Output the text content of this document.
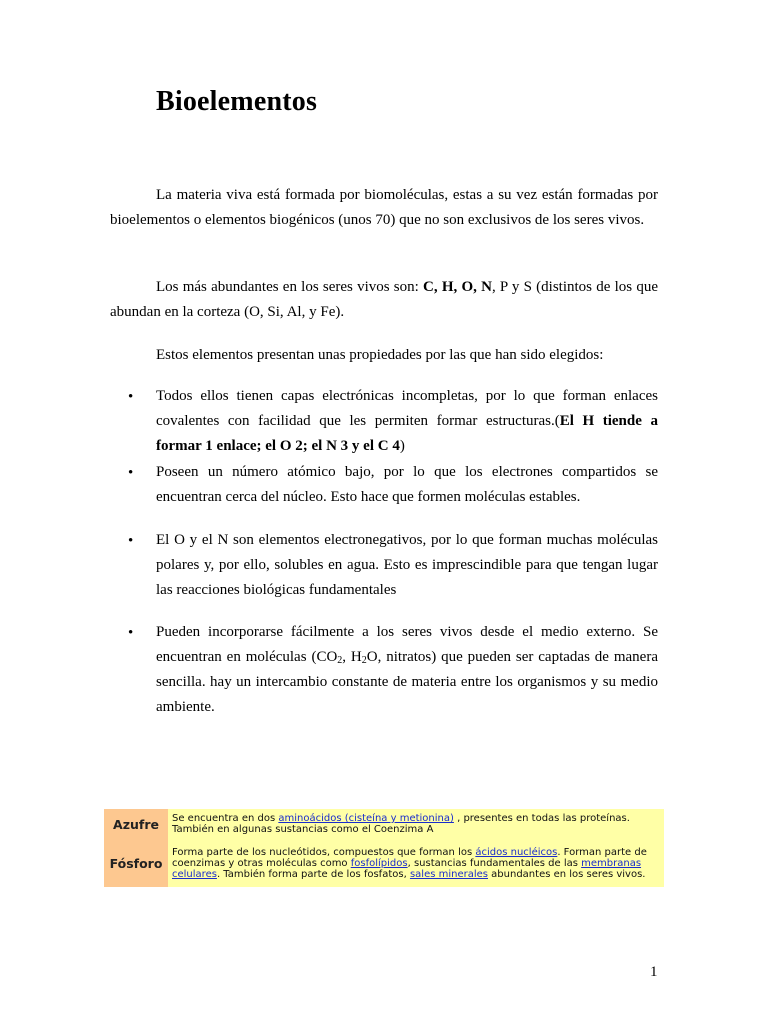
Bioelementos

La materia viva está formada por biomoléculas, estas a su vez están formadas por bioelementos o elementos biogénicos (unos 70) que no son exclusivos de los seres vivos.

Los más abundantes en los seres vivos son: C, H, O, N, P y S (distintos de los que abundan en la corteza (O, Si, Al, y Fe).

Estos elementos presentan unas propiedades por las que han sido elegidos:

• Todos ellos tienen capas electrónicas incompletas, por lo que forman enlaces covalentes con facilidad que les permiten formar estructuras.(El H tiende a formar 1 enlace; el O 2; el N 3 y el C 4)

• Poseen un número atómico bajo, por lo que los electrones compartidos se encuentran cerca del núcleo. Esto hace que formen moléculas estables.

• El O y el N son elementos electronegativos, por lo que forman muchas moléculas polares y, por ello, solubles en agua. Esto es imprescindible para que tengan lugar las reacciones biológicas fundamentales

• Pueden incorporarse fácilmente a los seres vivos desde el medio externo. Se encuentran en moléculas ($CO_2$, $H_2O$, nitratos) que pueden ser captadas de manera sencilla. hay un intercambio constante de materia entre los organismos y su medio ambiente.

Azufre	Se encuentra en dos aminoácidos (cisteína y metionina) , presentes en todas las proteínas. También en algunas sustancias como el Coenzima A
Fósforo	Forma parte de los nucleótidos, compuestos que forman los ácidos nucléicos. Forman parte de coenzimas y otras moléculas como fosfolípidos, sustancias fundamentales de las membranas celulares. También forma parte de los fosfatos, sales minerales abundantes en los seres vivos.
1
